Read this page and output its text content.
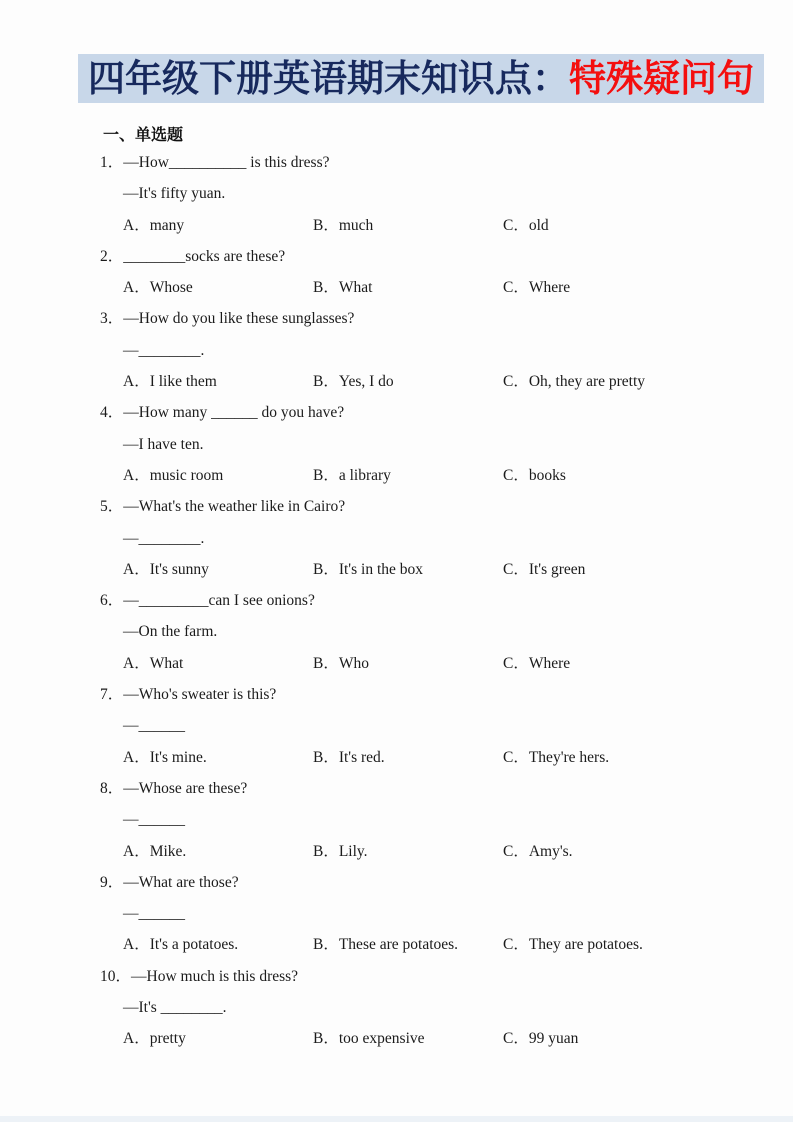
四年级下册英语期末知识点：特殊疑问句
一、单选题
1．—How__________ is this dress?
—It's fifty yuan.
A．many	B．much	C．old
2．________socks are these?
A．Whose	B．What	C．Where
3．—How do you like these sunglasses?
—________.
A．I like them	B．Yes, I do	C．Oh, they are pretty
4．—How many ______ do you have?
—I have ten.
A．music room	B．a library	C．books
5．—What's the weather like in Cairo?
—________.
A．It's sunny	B．It's in the box	C．It's green
6．—_________can I see onions?
—On the farm.
A．What	B．Who	C．Where
7．—Who's sweater is this?
—______
A．It's mine.	B．It's red.	C．They're hers.
8．—Whose are these?
—______
A．Mike.	B．Lily.	C．Amy's.
9．—What are those?
—______
A．It's a potatoes.	B．These are potatoes.	C．They are potatoes.
10．—How much is this dress?
—It's ________.
A．pretty	B．too expensive	C．99 yuan
